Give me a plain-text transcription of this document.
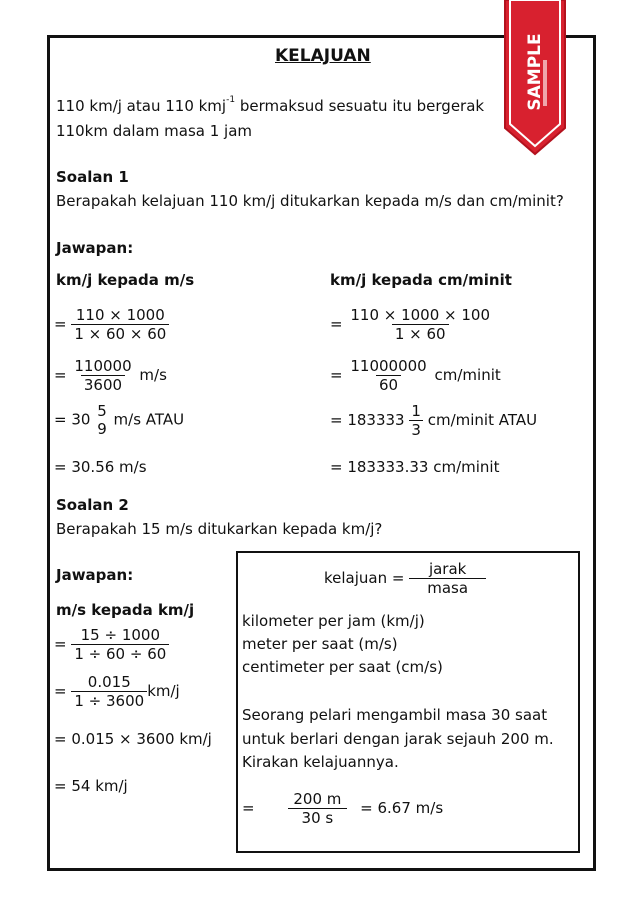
SAMPLE
KELAJUAN
110 km/j atau 110 kmj$^{-1}$ bermaksud sesuatu itu bergerak
110km dalam masa 1 jam
Soalan 1
Berapakah kelajuan 110 km/j ditukarkan kepada m/s dan cm/minit?
Jawapan:
km/j kepada m/s
= $\frac{110 \times 1000}{1 \times 60 \times 60}$
= $\frac{110000}{3600} m/s$
= 30 5
9
m/s ATAU
= 30.56 m/s
km/j kepada cm/minit
= $\frac{110 \times 1000 \times 100}{1 \times 60}$
= $\frac{11000000}{60}$ cm/minit
= $183333 \frac{1}{3}$ cm/minit ATAU
= 183333.33 cm/minit
Soalan 2
Berapakah 15 m/s ditukarkan kepada km/j?
Jawapan:
m/s kepada km/j
= $\frac{15 \div 1000}{1 \div 60 \div 60}$
= $\frac{0.015}{1 \div 3600} km/j$
= 0.015 × 3600 km/j
= 54 km/j
kelajuan = $\frac{\text{jarak}}{\text{masa}}$
kilometer per jam (km/j)
meter per saat (m/s)
centimeter per saat (cm/s)
Seorang pelari mengambil masa 30 saat
untuk berlari dengan jarak sejauh 200 m.
Kirakan kelajuannya.
= $\frac{200 m}{30 s} = 6.67$ m/s
